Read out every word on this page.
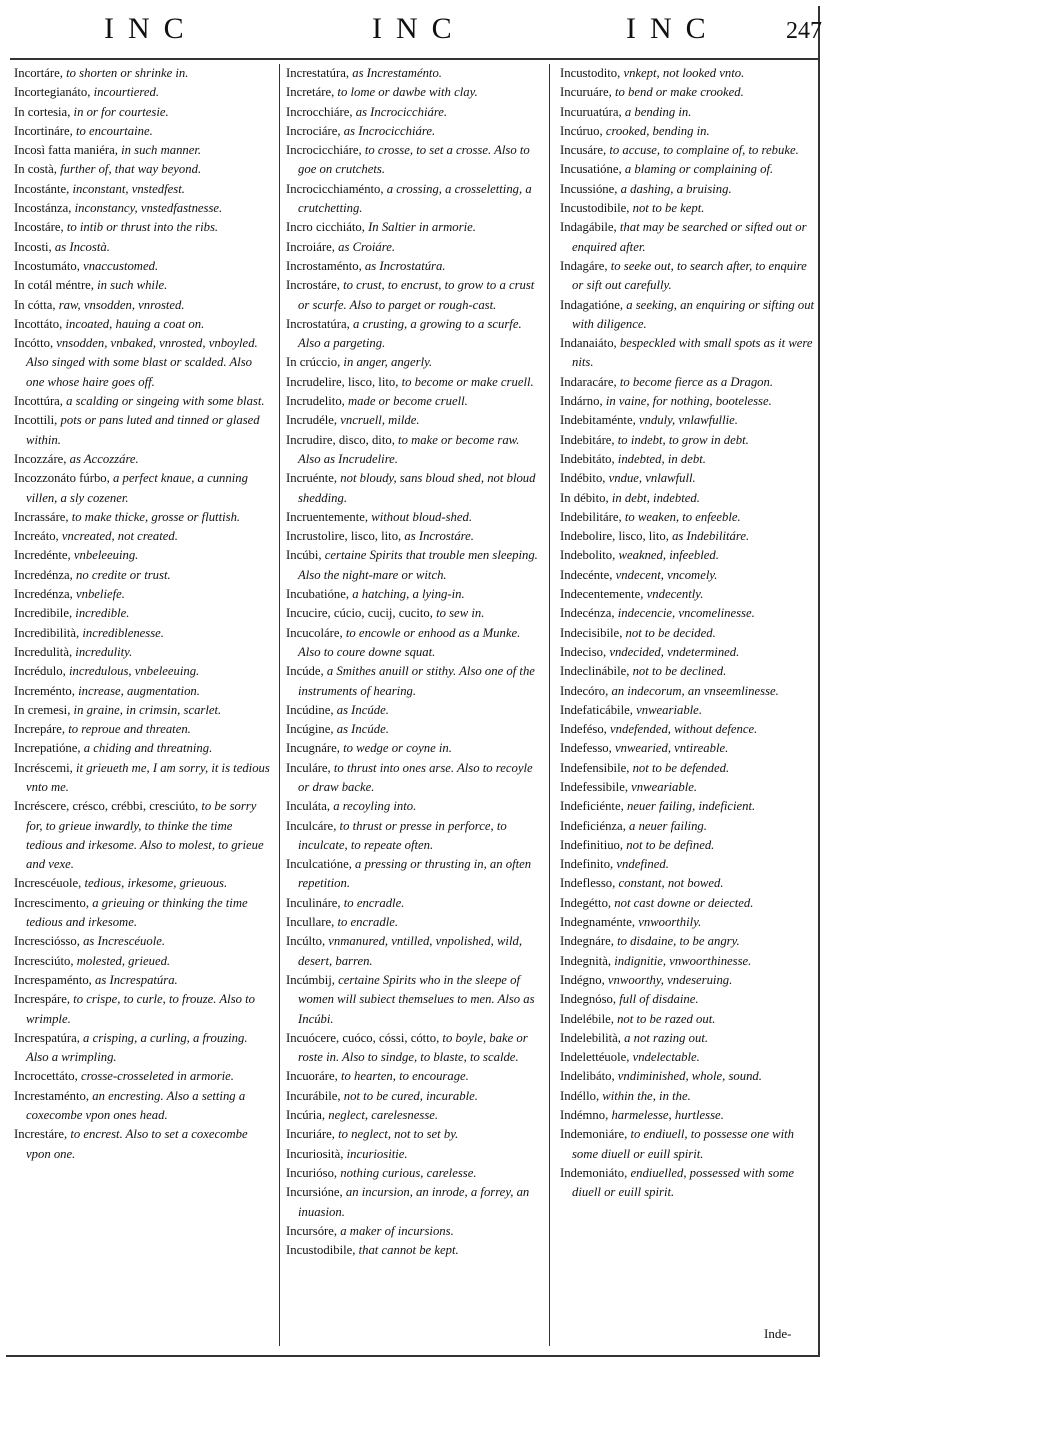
INC	INC	INC	247

Incortáre, to shorten or shrinke in.

Incortegianáto, incourtiered.

In cortesia, in or for courtesie.

Incortináre, to encourtaine.

Incosì fatta maniéra, in such manner.

In costà, further of, that way beyond.

Incostánte, inconstant, vnstedfest.

Incostánza, inconstancy, vnstedfastnesse.

Incostáre, to intib or thrust into the ribs.

Incosti, as Incostà.

Incostumáto, vnaccustomed.

In cotál méntre, in such while.

In cótta, raw, vnsodden, vnrosted.

Incottáto, incoated, hauing a coat on.

Incótto, vnsodden, vnbaked, vnrosted, vnboyled. Also singed with some blast or scalded. Also one whose haire goes off.

Incottúra, a scalding or singeing with some blast.

Incottili, pots or pans luted and tinned or glased within.

Incozzáre, as Accozzáre.

Incozzonáto fúrbo, a perfect knaue, a cunning villen, a sly cozener.

Incrassáre, to make thicke, grosse or fluttish.

Increáto, vncreated, not created.

Incredénte, vnbeleeuing.

Incredénza, no credite or trust.

Incredénza, vnbeliefe.

Incredibile, incredible.

Incredibilità, incrediblenesse.

Incredulità, incredulity.

Incrédulo, incredulous, vnbeleeuing.

Increménto, increase, augmentation.

In cremesi, in graine, in crimsin, scarlet.

Increpáre, to reproue and threaten.

Increpatióne, a chiding and threatning.

Incréscemi, it grieueth me, I am sorry, it is tedious vnto me.

Incréscere, crésco, crébbi, cresciúto, to be sorry for, to grieue inwardly, to thinke the time tedious and irkesome. Also to molest, to grieue and vexe.

Increscéuole, tedious, irkesome, grieuous.

Increscimento, a grieuing or thinking the time tedious and irkesome.

Incresciósso, as Increscéuole.

Incresciúto, molested, grieued.

Increspaménto, as Increspatúra.

Increspáre, to crispe, to curle, to frouze. Also to wrimple.

Increspatúra, a crisping, a curling, a frouzing. Also a wrimpling.

Incrocettáto, crosse-crosseleted in armorie.

Increstaménto, an encresting. Also a setting a coxecombe vpon ones head.

Increstáre, to encrest. Also to set a coxecombe vpon one.

Increstatúra, as Increstaménto.

Incretáre, to lome or dawbe with clay.

Incrocchiáre, as Incrocicchiáre.

Incrociáre, as Incrocicchiáre.

Incrocicchiáre, to crosse, to set a crosse. Also to goe on crutchets.

Incrocicchiaménto, a crossing, a crosseletting, a crutchetting.

Incro cicchiáto, In Saltier in armorie.

Incroiáre, as Croiáre.

Incrostaménto, as Incrostatúra.

Incrostáre, to crust, to encrust, to grow to a crust or scurfe. Also to parget or rough-cast.

Incrostatúra, a crusting, a growing to a scurfe. Also a pargeting.

In crúccio, in anger, angerly.

Incrudelire, lisco, lito, to become or make cruell.

Incrudelito, made or become cruell.

Incrudéle, vncruell, milde.

Incrudire, disco, dito, to make or become raw. Also as Incrudelire.

Incruénte, not bloudy, sans bloud shed, not bloud shedding.

Incruentemente, without bloud-shed.

Incrustolire, lisco, lito, as Incrostáre.

Incúbi, certaine Spirits that trouble men sleeping. Also the night-mare or witch.

Incubatióne, a hatching, a lying-in.

Incucire, cúcio, cucij, cucito, to sew in.

Incucoláre, to encowle or enhood as a Munke. Also to coure downe squat.

Incúde, a Smithes anuill or stithy. Also one of the instruments of hearing.

Incúdine, as Incúde.

Incúgine, as Incúde.

Incugnáre, to wedge or coyne in.

Inculáre, to thrust into ones arse. Also to recoyle or draw backe.

Inculáta, a recoyling into.

Inculcáre, to thrust or presse in perforce, to inculcate, to repeate often.

Inculcatióne, a pressing or thrusting in, an often repetition.

Inculináre, to encradle.

Incullare, to encradle.

Incúlto, vnmanured, vntilled, vnpolished, wild, desert, barren.

Incúmbij, certaine Spirits who in the sleepe of women will subiect themselues to men. Also as Incúbi.

Incuócere, cuóco, cóssi, cótto, to boyle, bake or roste in. Also to sindge, to blaste, to scalde.

Incuoráre, to hearten, to encourage.

Incurábile, not to be cured, incurable.

Incúria, neglect, carelesnesse.

Incuriáre, to neglect, not to set by.

Incuriosità, incuriositie.

Incurióso, nothing curious, carelesse.

Incursióne, an incursion, an inrode, a forrey, an inuasion.

Incursóre, a maker of incursions.

Incustodibile, that cannot be kept.

Incustodito, vnkept, not looked vnto.

Incuruáre, to bend or make crooked.

Incuruatúra, a bending in.

Incúruo, crooked, bending in.

Incusáre, to accuse, to complaine of, to rebuke.

Incusatióne, a blaming or complaining of.

Incussióne, a dashing, a bruising.

Incustodibile, not to be kept.

Indagábile, that may be searched or sifted out or enquired after.

Indagáre, to seeke out, to search after, to enquire or sift out carefully.

Indagatióne, a seeking, an enquiring or sifting out with diligence.

Indanaiáto, bespeckled with small spots as it were nits.

Indaracáre, to become fierce as a Dragon.

Indárno, in vaine, for nothing, bootelesse.

Indebitaménte, vnduly, vnlawfullie.

Indebitáre, to indebt, to grow in debt.

Indebitáto, indebted, in debt.

Indébito, vndue, vnlawfull.

In débito, in debt, indebted.

Indebilitáre, to weaken, to enfeeble.

Indebolire, lisco, lito, as Indebilitáre.

Indebolito, weakned, infeebled.

Indecénte, vndecent, vncomely.

Indecentemente, vndecently.

Indecénza, indecencie, vncomelinesse.

Indecisibile, not to be decided.

Indeciso, vndecided, vndetermined.

Indeclinábile, not to be declined.

Indecóro, an indecorum, an vnseemlinesse.

Indefaticábile, vnweariable.

Indeféso, vndefended, without defence.

Indefesso, vnwearied, vntireable.

Indefensibile, not to be defended.

Indefessibile, vnweariable.

Indeficiénte, neuer failing, indeficient.

Indeficiénza, a neuer failing.

Indefinitiuo, not to be defined.

Indefinito, vndefined.

Indeflesso, constant, not bowed.

Indegétto, not cast downe or deiected.

Indegnaménte, vnwoorthily.

Indegnáre, to disdaine, to be angry.

Indegnità, indignitie, vnwoorthinesse.

Indégno, vnwoorthy, vndeseruing.

Indegnóso, full of disdaine.

Indelébile, not to be razed out.

Indelebilità, a not razing out.

Indelettéuole, vndelectable.

Indelibáto, vndiminished, whole, sound.

Indéllo, within the, in the.

Indémno, harmelesse, hurtlesse.

Indemoniáre, to endiuell, to possesse one with some diuell or euill spirit.

Indemoniáto, endiuelled, possessed with some diuell or euill spirit.

Inde-
